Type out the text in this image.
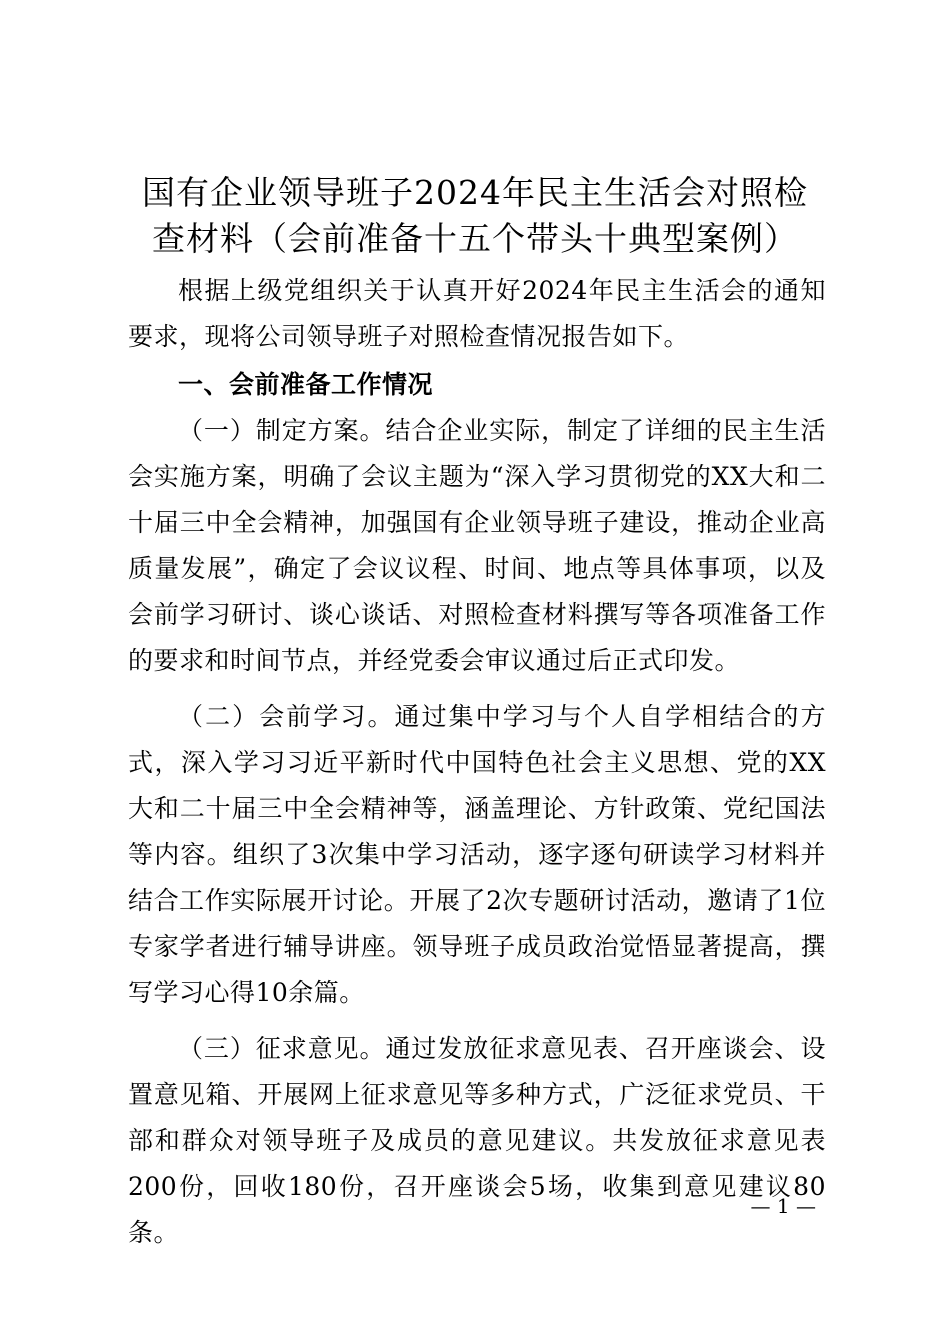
国有企业领导班子2024年民主生活会对照检
查材料（会前准备十五个带头十典型案例）

根据上级党组织关于认真开好2024年民主生活会的通知要求，现将公司领导班子对照检查情况报告如下。

一、会前准备工作情况

（一）制定方案。结合企业实际，制定了详细的民主生活会实施方案，明确了会议主题为“深入学习贯彻党的XX大和二十届三中全会精神，加强国有企业领导班子建设，推动企业高质量发展”，确定了会议议程、时间、地点等具体事项，以及会前学习研讨、谈心谈话、对照检查材料撰写等各项准备工作的要求和时间节点，并经党委会审议通过后正式印发。

（二）会前学习。通过集中学习与个人自学相结合的方式，深入学习习近平新时代中国特色社会主义思想、党的XX大和二十届三中全会精神等，涵盖理论、方针政策、党纪国法等内容。组织了3次集中学习活动，逐字逐句研读学习材料并结合工作实际展开讨论。开展了2次专题研讨活动，邀请了1位专家学者进行辅导讲座。领导班子成员政治觉悟显著提高，撰写学习心得10余篇。

（三）征求意见。通过发放征求意见表、召开座谈会、设置意见箱、开展网上征求意见等多种方式，广泛征求党员、干部和群众对领导班子及成员的意见建议。共发放征求意见表200份，回收180份，召开座谈会5场，收集到意见建议80条。

— 1 —
